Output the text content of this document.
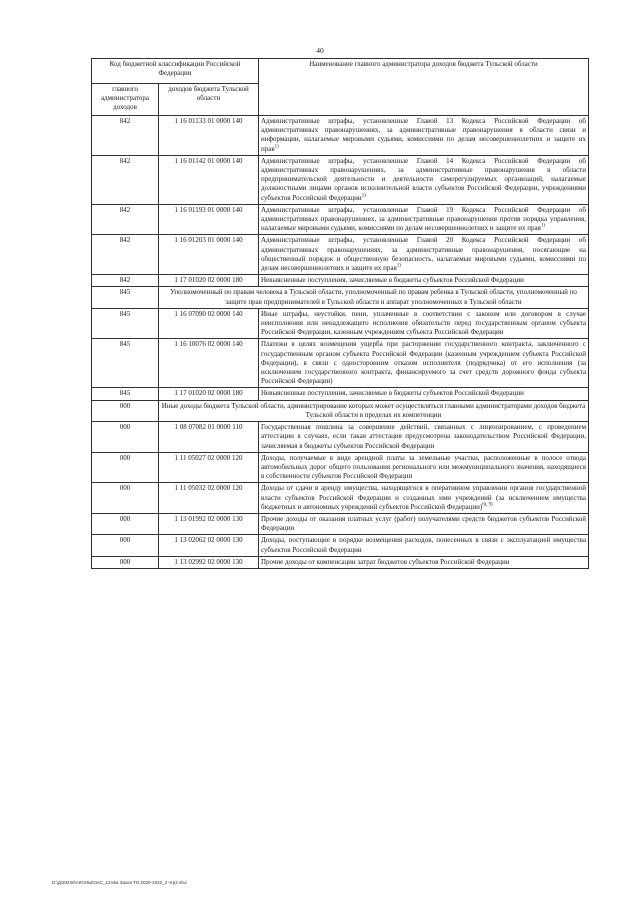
40
Код бюджетной классификации Российской Федерации		Наименование главного администратора доходов бюджета Тульской области
главного администратора доходов	доходов бюджета Тульской области	
842	1 16 01133 01 0000 140	Административные штрафы, установленные Главой 13 Кодекса Российской Федерации об административных правонарушениях, за административные правонарушения в области связи и информации, налагаемые мировыми судьями, комиссиями по делам несовершеннолетних и защите их прав$^{1)}$
842	1 16 01142 01 0000 140	Административные штрафы, установленные Главой 14 Кодекса Российской Федерации об административных правонарушениях, за административные правонарушения в области предпринимательской деятельности и деятельности саморегулируемых организаций, налагаемые должностными лицами органов исполнительной власти субъектов Российской Федерации, учреждениями субъектов Российской Федерации$^{1)}$
842	1 16 01193 01 0000 140	Административные штрафы, установленные Главой 19 Кодекса Российской Федерации об административных правонарушениях, за административные правонарушения против порядка управления, налагаемые мировыми судьями, комиссиями по делам несовершеннолетних и защите их прав$^{1)}$
842	1 16 01203 01 0000 140	Административные штрафы, установленные Главой 20 Кодекса Российской Федерации об административных правонарушениях, за административные правонарушения, посягающие на общественный порядок и общественную безопасность, налагаемые мировыми судьями, комиссиями по делам несовершеннолетних и защите их прав$^{1)}$
842	1 17 01020 02 0000 180	Невыясненные поступления, зачисляемые в бюджеты субъектов Российской Федерации
845	Уполномоченный по правам человека в Тульской области, уполномоченный по правам ребенка в Тульской области, уполномоченный по защите прав предпринимателей в Тульской области и аппарат уполномоченных в Тульской области	
845	1 16 07090 02 0000 140	Иные штрафы, неустойки, пени, уплаченные в соответствии с законом или договором в случае неисполнения или ненадлежащего исполнения обязательств перед государственным органом субъекта Российской Федерации, казенным учреждением субъекта Российской Федерации
845	1 16 10076 02 0000 140	Платежи в целях возмещения ущерба при расторжении государственного контракта, заключенного с государственным органом субъекта Российской Федерации (казенным учреждением субъекта Российской Федерации), в связи с односторонним отказом исполнителя (подрядчика) от его исполнения (за исключением государственного контракта, финансируемого за счет средств дорожного фонда субъекта Российской Федерации)
845	1 17 01020 02 0000 180	Невыясненные поступления, зачисляемые в бюджеты субъектов Российской Федерации
000	Иные доходы бюджета Тульской области, администрирование которых может осуществляться главными администраторами доходов бюджета Тульской области в пределах их компетенции	
000	1 08 07082 01 0000 110	Государственная пошлина за совершение действий, связанных с лицензированием, с проведением аттестации в случаях, если такая аттестация предусмотрена законодательством Российской Федерации, зачисляемая в бюджеты субъектов Российской Федерации
000	1 11 05027 02 0000 120	Доходы, получаемые в виде арендной платы за земельные участки, расположенные в полосе отвода автомобильных дорог общего пользования регионального или межмуниципального значения, находящиеся в собственности субъектов Российской Федерации
000	1 11 05032 02 0000 120	Доходы от сдачи в аренду имущества, находящегося в оперативном управлении органов государственной власти субъектов Российской Федерации и созданных ими учреждений (за исключением имущества бюджетных и автономных учреждений субъектов Российской Федерации)$^{6), 9)}$
000	1 13 01992 02 0000 130	Прочие доходы от оказания платных услуг (работ) получателями средств бюджетов субъектов Российской Федерации
000	1 13 02062 02 0000 130	Доходы, поступающие в порядке возмещения расходов, понесенных в связи с эксплуатацией имущества субъектов Российской Федерации
000	1 13 02992 02 0000 130	Прочие доходы от компенсации затрат бюджетов субъектов Российской Федерации
D:\Д\20230\АКОНЫ\ОАС_1244м Закон ТО 2020-2022_3 чтр2.xlsx
